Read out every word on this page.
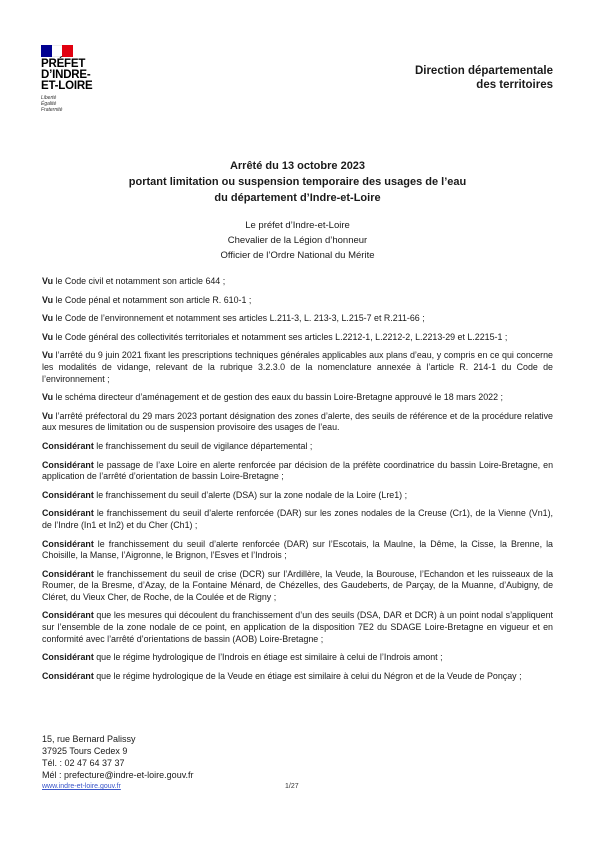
PRÉFET
D’INDRE-
ET-LOIRE
Liberté
Égalité
Fraternité
Direction départementale
des territoires
Arrêté du 13 octobre 2023
portant limitation ou suspension temporaire des usages de l’eau
du département d’Indre-et-Loire
Le préfet d’Indre-et-Loire
Chevalier de la Légion d’honneur
Officier de l’Ordre National du Mérite

Vu le Code civil et notamment son article 644 ;

Vu le Code pénal et notamment son article R. 610-1 ;

Vu le Code de l’environnement et notamment ses articles L.211-3, L. 213-3, L.215-7 et R.211-66 ;

Vu le Code général des collectivités territoriales et notamment ses articles L.2212-1, L.2212-2, L.2213-29 et L.2215-1 ;

Vu l’arrêté du 9 juin 2021 fixant les prescriptions techniques générales applicables aux plans d’eau, y compris en ce qui concerne les modalités de vidange, relevant de la rubrique 3.2.3.0 de la nomenclature annexée à l’article R. 214-1 du Code de l’environnement ;

Vu le schéma directeur d’aménagement et de gestion des eaux du bassin Loire-Bretagne approuvé le 18 mars 2022 ;

Vu l’arrêté préfectoral du 29 mars 2023 portant désignation des zones d’alerte, des seuils de référence et de la procédure relative aux mesures de limitation ou de suspension provisoire des usages de l’eau.

Considérant le franchissement du seuil de vigilance départemental ;

Considérant le passage de l’axe Loire en alerte renforcée par décision de la préfète coordinatrice du bassin Loire-Bretagne, en application de l’arrêté d’orientation de bassin Loire-Bretagne ;

Considérant le franchissement du seuil d’alerte (DSA) sur la zone nodale de la Loire (Lre1) ;

Considérant le franchissement du seuil d’alerte renforcée (DAR) sur les zones nodales de la Creuse (Cr1), de la Vienne (Vn1), de l’Indre (In1 et In2) et du Cher (Ch1) ;

Considérant le franchissement du seuil d’alerte renforcée (DAR) sur l’Escotais, la Maulne, la Dême, la Cisse, la Brenne, la Choisille, la Manse, l’Aigronne, le Brignon, l’Esves et l’Indrois ;

Considérant le franchissement du seuil de crise (DCR) sur l’Ardillère, la Veude, la Bourouse, l’Echandon et les ruisseaux de la Roumer, de la Bresme, d’Azay, de la Fontaine Ménard, de Chézelles, des Gaudeberts, de Parçay, de la Muanne, d’Aubigny, de Cléret, du Vieux Cher, de Roche, de la Coulée et de Rigny ;

Considérant que les mesures qui découlent du franchissement d’un des seuils (DSA, DAR et DCR) à un point nodal s’appliquent sur l’ensemble de la zone nodale de ce point, en application de la disposition 7E2 du SDAGE Loire-Bretagne en vigueur et en conformité avec l’arrêté d’orientations de bassin (AOB) Loire-Bretagne ;

Considérant que le régime hydrologique de l’Indrois en étiage est similaire à celui de l’Indrois amont ;

Considérant que le régime hydrologique de la Veude en étiage est similaire à celui du Négron et de la Veude de Ponçay ;

15, rue Bernard Palissy
37925 Tours Cedex 9
Tél. : 02 47 64 37 37
Mél : prefecture@indre-et-loire.gouv.fr
www.indre-et-loire.gouv.fr	1/27
